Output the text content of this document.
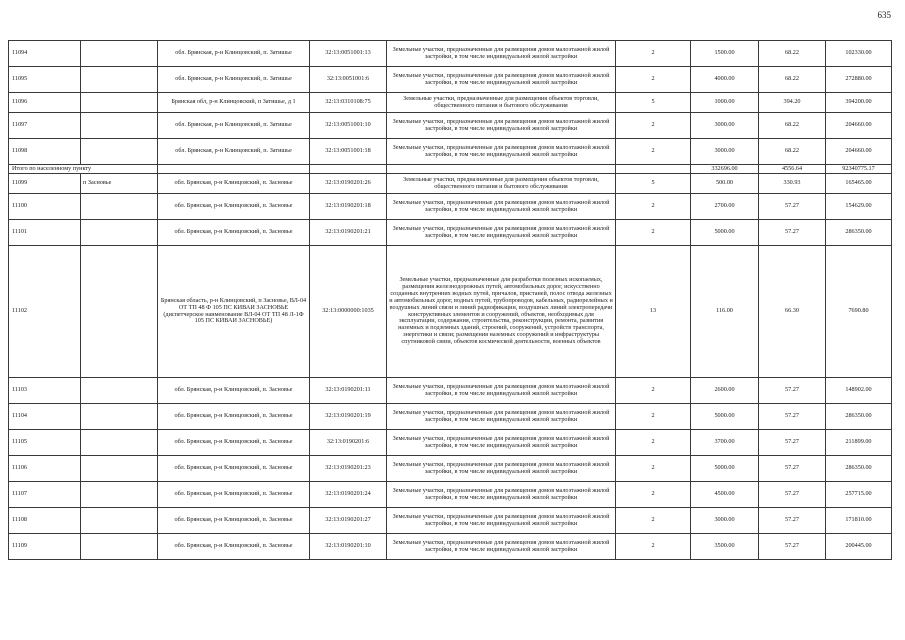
635
11094		обл. Брянская, р-н Клинцовский, п. Затишье	32:13:0051001:13	Земельные участки, предназначенные для размещения домов малоэтажной жилой застройки, в том числе индивидуальной жилой застройки	2	1500.00	68.22	102330.00
11095		обл. Брянская, р-н Клинцовский, п. Затишье	32:13:0051001:6	Земельные участки, предназначенные для размещения домов малоэтажной жилой застройки, в том числе индивидуальной жилой застройки	2	4000.00	68.22	272880.00
11096		Брянская обл, р-н Клинцовский, п Затишье, д 1	32:13:0310108:75	Земельные участки, предназначенные для размещения объектов торговли, общественного питания и бытового обслуживания	5	1000.00	394.20	394200.00
11097		обл. Брянская, р-н Клинцовский, п. Затишье	32:13:0051001:10	Земельные участки, предназначенные для размещения домов малоэтажной жилой застройки, в том числе индивидуальной жилой застройки	2	3000.00	68.22	204660.00
11098		обл. Брянская, р-н Клинцовский, п. Затишье	32:13:0051001:18	Земельные участки, предназначенные для размещения домов малоэтажной жилой застройки, в том числе индивидуальной жилой застройки	2	3000.00	68.22	204660.00
Итого по населенному пункту						332696.00	4556.64	92340775.17
11099	п Засновье	обл. Брянская, р-н Клинцовский, п. Засновье	32:13:0190201:26	Земельные участки, предназначенные для размещения объектов торговли, общественного питания и бытового обслуживания	5	500.00	330.93	165465.00
11100		обл. Брянская, р-н Клинцовский, п. Засновье	32:13:0190201:18	Земельные участки, предназначенные для размещения домов малоэтажной жилой застройки, в том числе индивидуальной жилой застройки	2	2700.00	57.27	154629.00
11101		обл. Брянская, р-н Клинцовский, п. Засновье	32:13:0190201:21	Земельные участки, предназначенные для размещения домов малоэтажной жилой застройки, в том числе индивидуальной жилой застройки	2	5000.00	57.27	286350.00
11102		Брянская область, р-н Клинцовский, п Засновье, ВЛ-04 ОТ ТП 48 Ф 105 ПС КИВАИ ЗАСНОВЬЕ (диспетчерское наименование ВЛ-04 ОТ ТП 48 Л-1Ф 105 ПС КИВАИ ЗАСНОВЬЕ)	32:13:0000000:1035	Земельные участки, предназначенные для разработки полезных ископаемых, размещения железнодорожных путей, автомобильных дорог, искусственно созданных внутренних водных путей, причалов, пристаней, полос отвода железных и автомобильных дорог, водных путей, трубопроводов, кабельных, радиорелейных и воздушных линий связи и линий радиофикации, воздушных линий электропередачи конструктивных элементов и сооружений, объектов, необходимых для эксплуатации, содержания, строительства, реконструкции, ремонта, развития наземных и подземных зданий, строений, сооружений, устройств транспорта, энергетики и связи; размещения наземных сооружений и инфраструктуры спутниковой связи, объектов космической деятельности, военных объектов	13	116.00	66.30	7690.80
11103		обл. Брянская, р-н Клинцовский, п. Засновье	32:13:0190201:11	Земельные участки, предназначенные для размещения домов малоэтажной жилой застройки, в том числе индивидуальной жилой застройки	2	2600.00	57.27	148902.00
11104		обл. Брянская, р-н Клинцовский, п. Засновье	32:13:0190201:19	Земельные участки, предназначенные для размещения домов малоэтажной жилой застройки, в том числе индивидуальной жилой застройки	2	5000.00	57.27	286350.00
11105		обл. Брянская, р-н Клинцовский, п. Засновье	32:13:0190201:6	Земельные участки, предназначенные для размещения домов малоэтажной жилой застройки, в том числе индивидуальной жилой застройки	2	3700.00	57.27	211899.00
11106		обл. Брянская, р-н Клинцовский, п. Засновье	32:13:0190201:23	Земельные участки, предназначенные для размещения домов малоэтажной жилой застройки, в том числе индивидуальной жилой застройки	2	5000.00	57.27	286350.00
11107		обл. Брянская, р-н Клинцовский, п. Засновье	32:13:0190201:24	Земельные участки, предназначенные для размещения домов малоэтажной жилой застройки, в том числе индивидуальной жилой застройки	2	4500.00	57.27	257715.00
11108		обл. Брянская, р-н Клинцовский, п. Засновье	32:13:0190201:27	Земельные участки, предназначенные для размещения домов малоэтажной жилой застройки, в том числе индивидуальной жилой застройки	2	3000.00	57.27	171810.00
11109		обл. Брянская, р-н Клинцовский, п. Засновье	32:13:0190201:10	Земельные участки, предназначенные для размещения домов малоэтажной жилой застройки, в том числе индивидуальной жилой застройки	2	3500.00	57.27	200445.00
